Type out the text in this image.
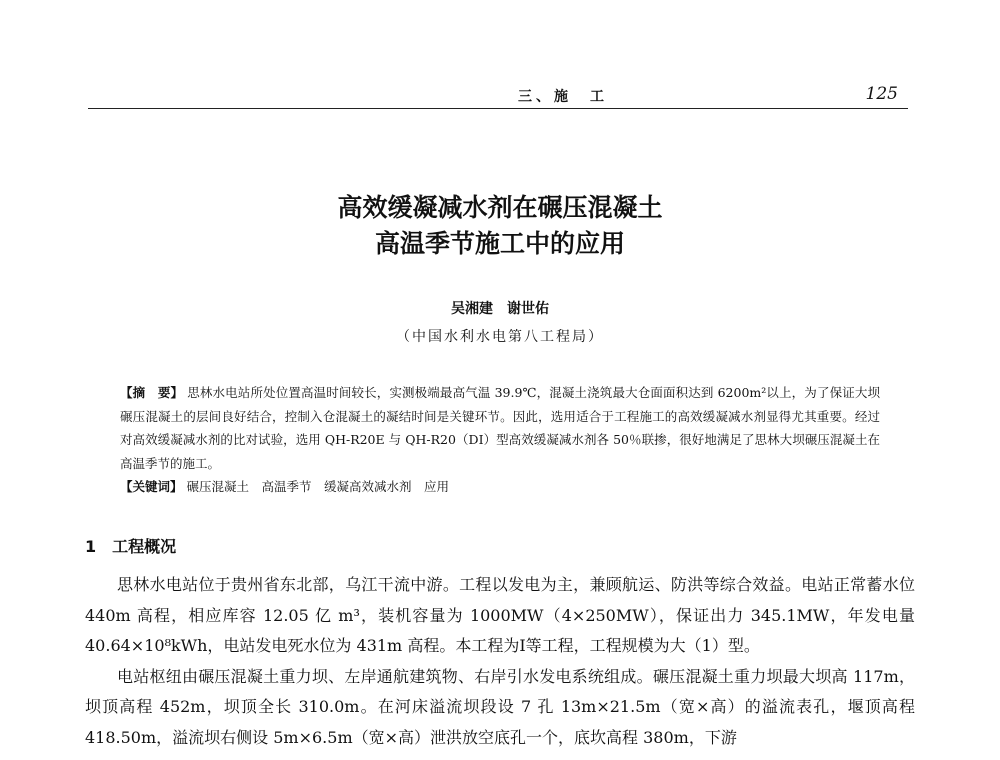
三、施　工	125
高效缓凝减水剂在碾压混凝土
高温季节施工中的应用
吴湘建　谢世佑
（中国水利水电第八工程局）

【摘　要】 思林水电站所处位置高温时间较长，实测极端最高气温 39.9℃，混凝土浇筑最大仓面面积达到 6200m²以上，为了保证大坝碾压混凝土的层间良好结合，控制入仓混凝土的凝结时间是关键环节。因此，选用适合于工程施工的高效缓凝减水剂显得尤其重要。经过对高效缓凝减水剂的比对试验，选用 QH-R20E 与 QH-R20（DⅠ）型高效缓凝减水剂各 50％联掺，很好地满足了思林大坝碾压混凝土在高温季节的施工。

【关键词】 碾压混凝土　高温季节　缓凝高效减水剂　应用

1　工程概况

思林水电站位于贵州省东北部，乌江干流中游。工程以发电为主，兼顾航运、防洪等综合效益。电站正常蓄水位 440m 高程，相应库容 12.05 亿 m³，装机容量为 1000MW（4×250MW），保证出力 345.1MW，年发电量 40.64×10⁸kWh，电站发电死水位为 431m 高程。本工程为Ⅰ等工程，工程规模为大（1）型。

电站枢纽由碾压混凝土重力坝、左岸通航建筑物、右岸引水发电系统组成。碾压混凝土重力坝最大坝高 117m，坝顶高程 452m，坝顶全长 310.0m。在河床溢流坝段设 7 孔 13m×21.5m（宽×高）的溢流表孔，堰顶高程 418.50m，溢流坝右侧设 5m×6.5m（宽×高）泄洪放空底孔一个，底坎高程 380m，下游
